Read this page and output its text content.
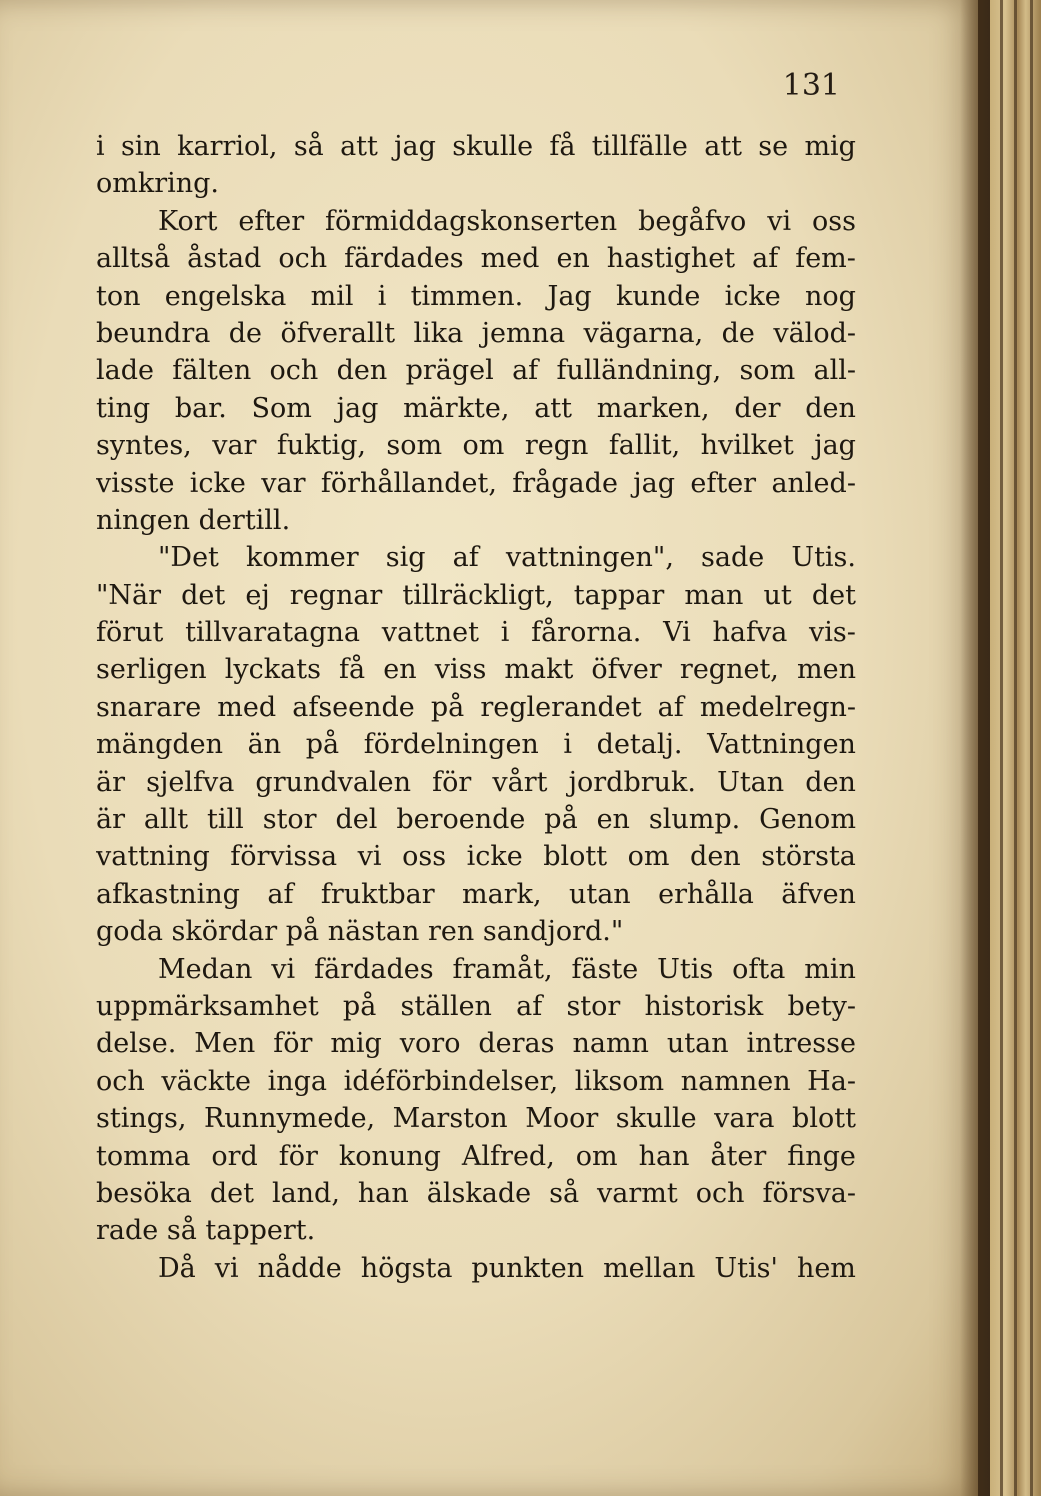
131
i sin karriol, så att jag skulle få tillfälle att se mig
omkring.
Kort efter förmiddagskonserten begåfvo vi oss
alltså åstad och färdades med en hastighet af fem-
ton engelska mil i timmen. Jag kunde icke nog
beundra de öfverallt lika jemna vägarna, de välod-
lade fälten och den prägel af fulländning, som all-
ting bar. Som jag märkte, att marken, der den
syntes, var fuktig, som om regn fallit, hvilket jag
visste icke var förhållandet, frågade jag efter anled-
ningen dertill.
"Det kommer sig af vattningen", sade Utis.
"När det ej regnar tillräckligt, tappar man ut det
förut tillvaratagna vattnet i fårorna. Vi hafva vis-
serligen lyckats få en viss makt öfver regnet, men
snarare med afseende på reglerandet af medelregn-
mängden än på fördelningen i detalj. Vattningen
är sjelfva grundvalen för vårt jordbruk. Utan den
är allt till stor del beroende på en slump. Genom
vattning förvissa vi oss icke blott om den största
afkastning af fruktbar mark, utan erhålla äfven
goda skördar på nästan ren sandjord."
Medan vi färdades framåt, fäste Utis ofta min
uppmärksamhet på ställen af stor historisk bety-
delse. Men för mig voro deras namn utan intresse
och väckte inga idéförbindelser, liksom namnen Ha-
stings, Runnymede, Marston Moor skulle vara blott
tomma ord för konung Alfred, om han åter finge
besöka det land, han älskade så varmt och försva-
rade så tappert.
Då vi nådde högsta punkten mellan Utis' hem
